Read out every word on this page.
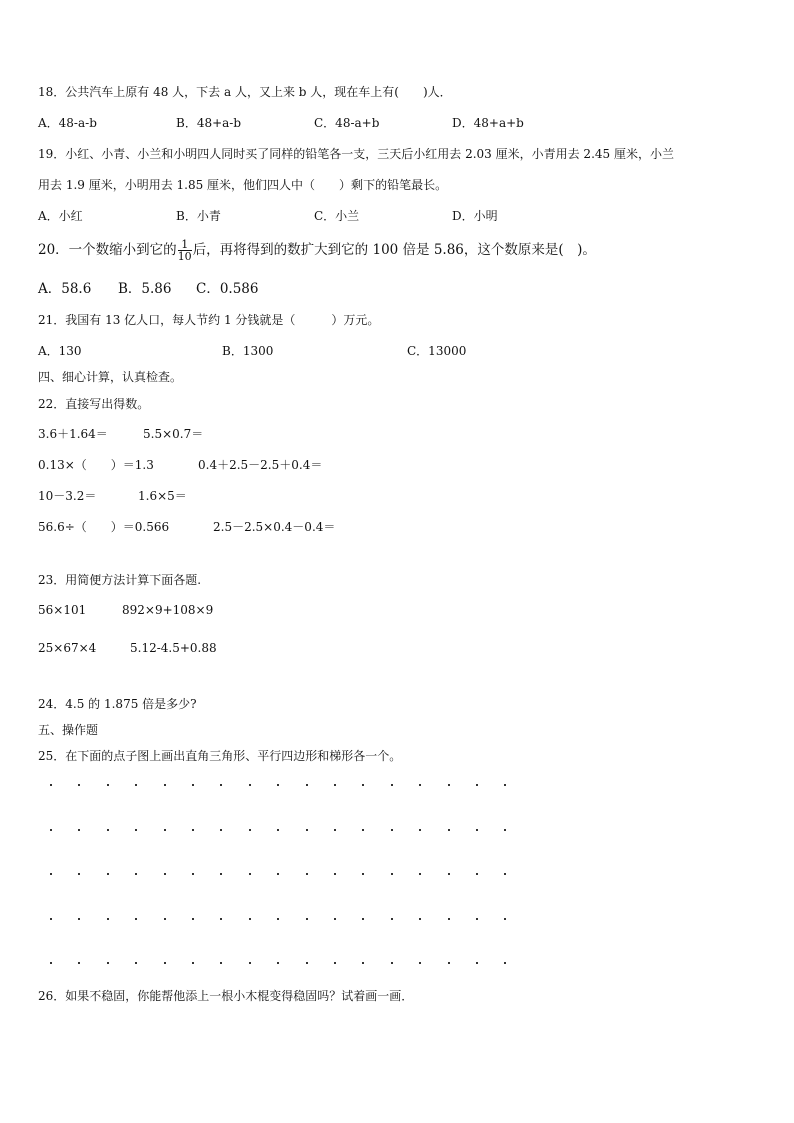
18．公共汽车上原有 48 人，下去 a 人，又上来 b 人，现在车上有(　　)人．
A．48-a-b	B．48+a-b	C．48-a+b	D．48+a+b
19．小红、小青、小兰和小明四人同时买了同样的铅笔各一支，三天后小红用去 2.03 厘米，小青用去 2.45 厘米，小兰
用去 1.9 厘米，小明用去 1.85 厘米，他们四人中（　　）剩下的铅笔最长。
A．小红	B．小青	C．小兰	D．小明
20．一个数缩小到它的 $\frac{1}{10}$ 后，再将得到的数扩大到它的 100 倍是 5.86，这个数原来是(　)。
A．58.6 B．5.86 C．0.586
21．我国有 13 亿人口，每人节约 1 分钱就是（　　　）万元。
A．130	B．1300	C．13000
四、细心计算，认真检查。
22．直接写出得数。
3.6＋1.64＝	5.5×0.7＝
0.13×（　　）＝1.3	0.4＋2.5－2.5＋0.4＝
10－3.2＝	1.6×5＝
56.6÷（　　）＝0.566	2.5－2.5×0.4－0.4＝
23．用简便方法计算下面各题.
56×101	892×9+108×9
25×67×4	5.12-4.5+0.88
24．4.5 的 1.875 倍是多少?
五、操作题
25．在下面的点子图上画出直角三角形、平行四边形和梯形各一个。
26．如果不稳固，你能帮他添上一根小木棍变得稳固吗？试着画一画．
